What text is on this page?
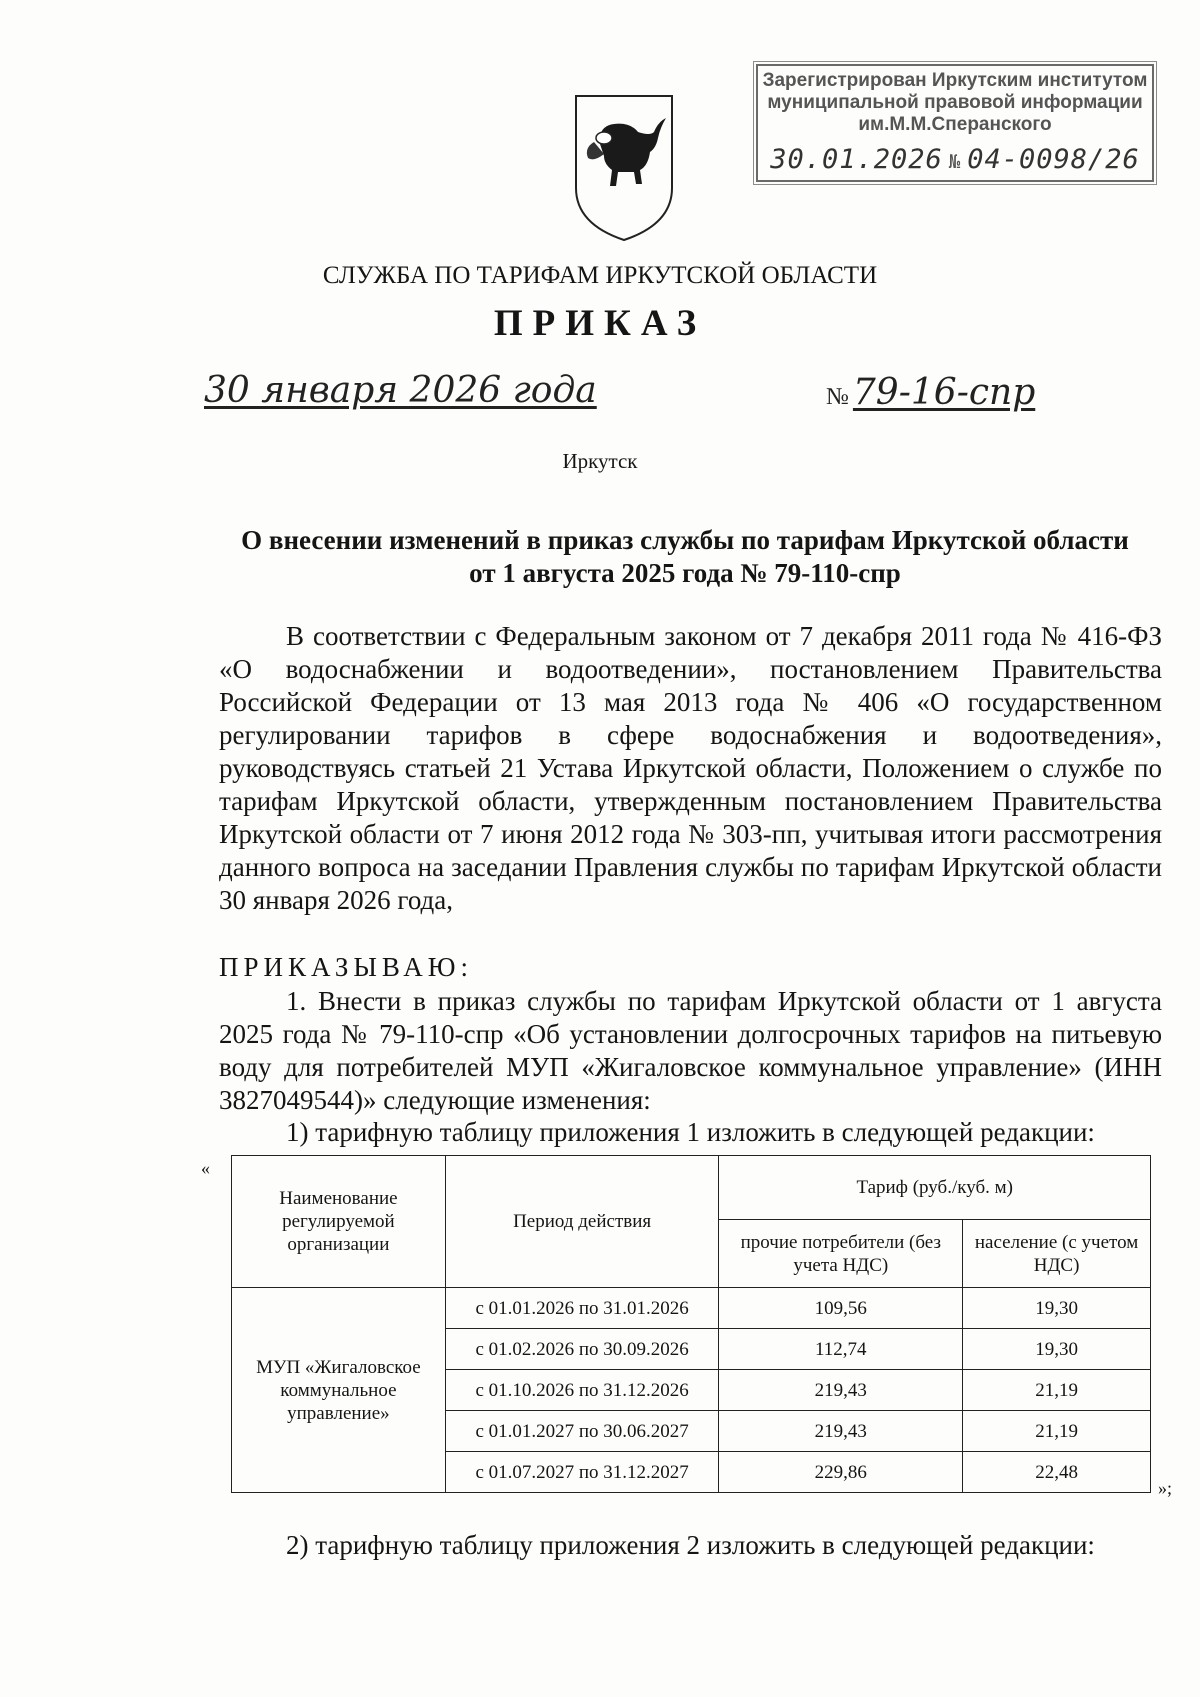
Зарегистрирован Иркутским институтом
муниципальной правовой информации
им.М.М.Сперанского
30.01.2026 № 04-0098/26
СЛУЖБА ПО ТАРИФАМ ИРКУТСКОЙ ОБЛАСТИ
ПРИКАЗ
30 января 2026 года	№ 79-16-спр
Иркутск
О внесении изменений в приказ службы по тарифам Иркутской области
от 1 августа 2025 года № 79-110-спр
В соответствии с Федеральным законом от 7 декабря 2011 года № 416-ФЗ «О водоснабжении и водоотведении», постановлением Правительства Российской Федерации от 13 мая 2013 года № 406 «О государственном регулировании тарифов в сфере водоснабжения и водоотведения», руководствуясь статьей 21 Устава Иркутской области, Положением о службе по тарифам Иркутской области, утвержденным постановлением Правительства Иркутской области от 7 июня 2012 года № 303-пп, учитывая итоги рассмотрения данного вопроса на заседании Правления службы по тарифам Иркутской области 30 января 2026 года,
ПРИКАЗЫВАЮ:
1. Внести в приказ службы по тарифам Иркутской области от 1 августа 2025 года № 79-110-спр «Об установлении долгосрочных тарифов на питьевую воду для потребителей МУП «Жигаловское коммунальное управление» (ИНН 3827049544)» следующие изменения:
1) тарифную таблицу приложения 1 изложить в следующей редакции:
«
Наименование регулируемой организации	Период действия	Тариф (руб./куб. м)	
		прочие потребители (без учета НДС)	население (с учетом НДС)
МУП «Жигаловское коммунальное управление»	с 01.01.2026 по 31.01.2026	109,56	19,30
	с 01.02.2026 по 30.09.2026	112,74	19,30
	с 01.10.2026 по 31.12.2026	219,43	21,19
	с 01.01.2027 по 30.06.2027	219,43	21,19
	с 01.07.2027 по 31.12.2027	229,86	22,48
»;
2) тарифную таблицу приложения 2 изложить в следующей редакции:
